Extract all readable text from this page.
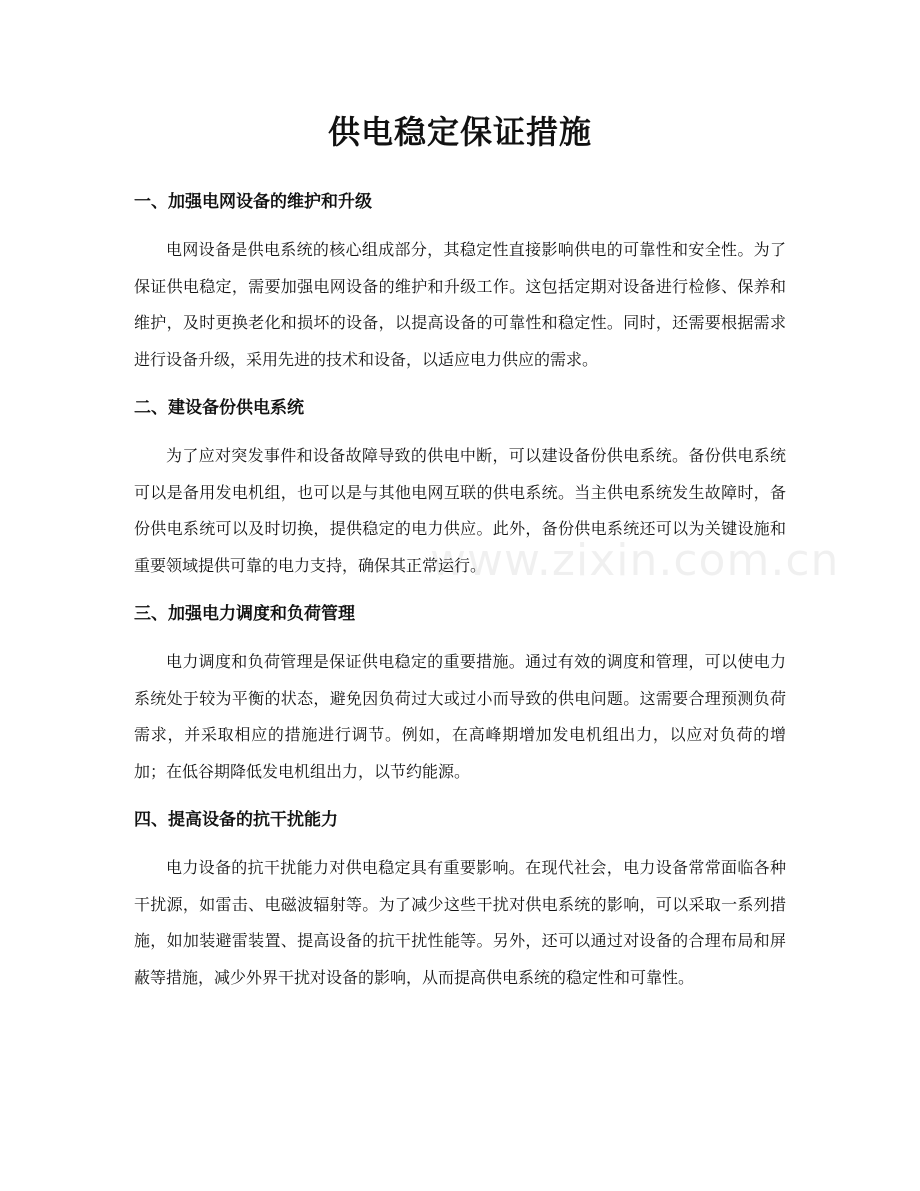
供电稳定保证措施
一、加强电网设备的维护和升级

电网设备是供电系统的核心组成部分，其稳定性直接影响供电的可靠性和安全性。为了保证供电稳定，需要加强电网设备的维护和升级工作。这包括定期对设备进行检修、保养和维护，及时更换老化和损坏的设备，以提高设备的可靠性和稳定性。同时，还需要根据需求进行设备升级，采用先进的技术和设备，以适应电力供应的需求。

二、建设备份供电系统

为了应对突发事件和设备故障导致的供电中断，可以建设备份供电系统。备份供电系统可以是备用发电机组，也可以是与其他电网互联的供电系统。当主供电系统发生故障时，备份供电系统可以及时切换，提供稳定的电力供应。此外，备份供电系统还可以为关键设施和重要领域提供可靠的电力支持，确保其正常运行。

三、加强电力调度和负荷管理

电力调度和负荷管理是保证供电稳定的重要措施。通过有效的调度和管理，可以使电力系统处于较为平衡的状态，避免因负荷过大或过小而导致的供电问题。这需要合理预测负荷需求，并采取相应的措施进行调节。例如，在高峰期增加发电机组出力，以应对负荷的增加；在低谷期降低发电机组出力，以节约能源。

四、提高设备的抗干扰能力

电力设备的抗干扰能力对供电稳定具有重要影响。在现代社会，电力设备常常面临各种干扰源，如雷击、电磁波辐射等。为了减少这些干扰对供电系统的影响，可以采取一系列措施，如加装避雷装置、提高设备的抗干扰性能等。另外，还可以通过对设备的合理布局和屏蔽等措施，减少外界干扰对设备的影响，从而提高供电系统的稳定性和可靠性。

www.zixin.com.cn
